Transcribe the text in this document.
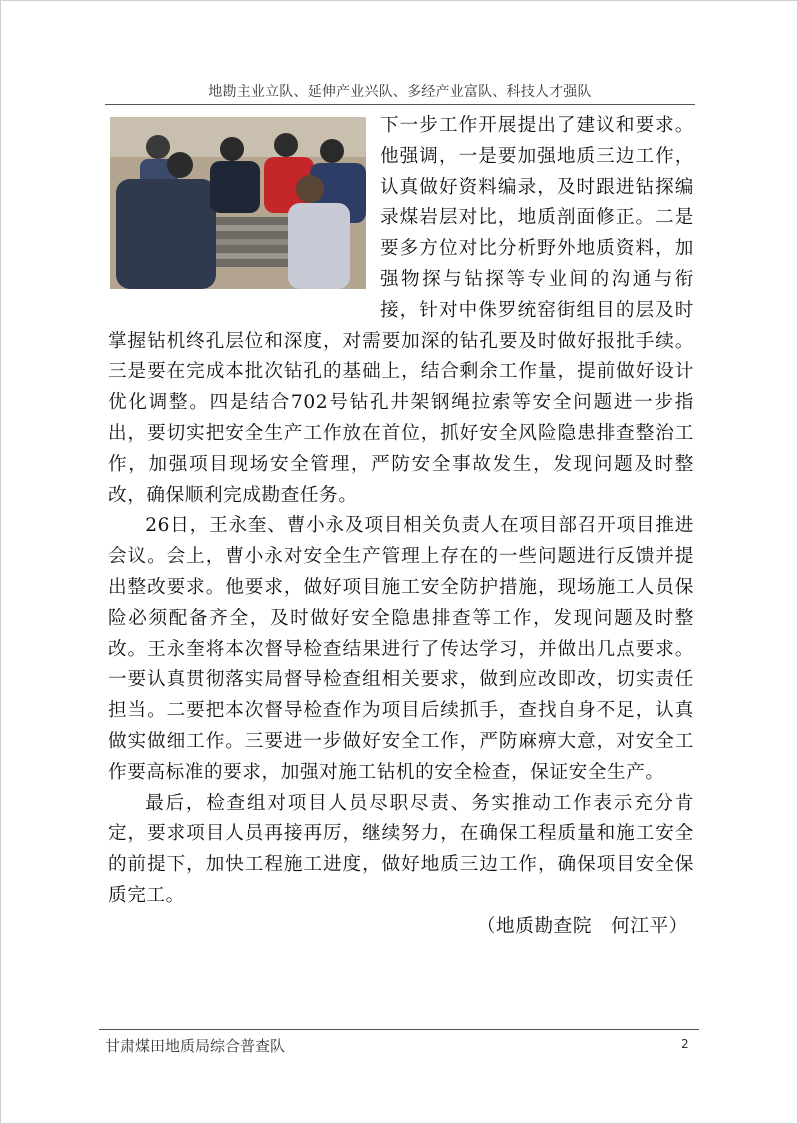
地勘主业立队、延伸产业兴队、多经产业富队、科技人才强队

下一步工作开展提出了建议和要求。他强调，一是要加强地质三边工作，认真做好资料编录，及时跟进钻探编录煤岩层对比，地质剖面修正。二是要多方位对比分析野外地质资料，加强物探与钻探等专业间的沟通与衔接，针对中侏罗统窑街组目的层及时掌握钻机终孔层位和深度，对需要加深的钻孔要及时做好报批手续。三是要在完成本批次钻孔的基础上，结合剩余工作量，提前做好设计优化调整。四是结合702号钻孔井架钢绳拉索等安全问题进一步指出，要切实把安全生产工作放在首位，抓好安全风险隐患排查整治工作，加强项目现场安全管理，严防安全事故发生，发现问题及时整改，确保顺利完成勘查任务。

26日，王永奎、曹小永及项目相关负责人在项目部召开项目推进会议。会上，曹小永对安全生产管理上存在的一些问题进行反馈并提出整改要求。他要求，做好项目施工安全防护措施，现场施工人员保险必须配备齐全，及时做好安全隐患排查等工作，发现问题及时整改。王永奎将本次督导检查结果进行了传达学习，并做出几点要求。一要认真贯彻落实局督导检查组相关要求，做到应改即改，切实责任担当。二要把本次督导检查作为项目后续抓手，查找自身不足，认真做实做细工作。三要进一步做好安全工作，严防麻痹大意，对安全工作要高标准的要求，加强对施工钻机的安全检查，保证安全生产。

最后，检查组对项目人员尽职尽责、务实推动工作表示充分肯定，要求项目人员再接再厉，继续努力，在确保工程质量和施工安全的前提下，加快工程施工进度，做好地质三边工作，确保项目安全保质完工。

（地质勘查院　何江平）

甘肃煤田地质局综合普查队	2
